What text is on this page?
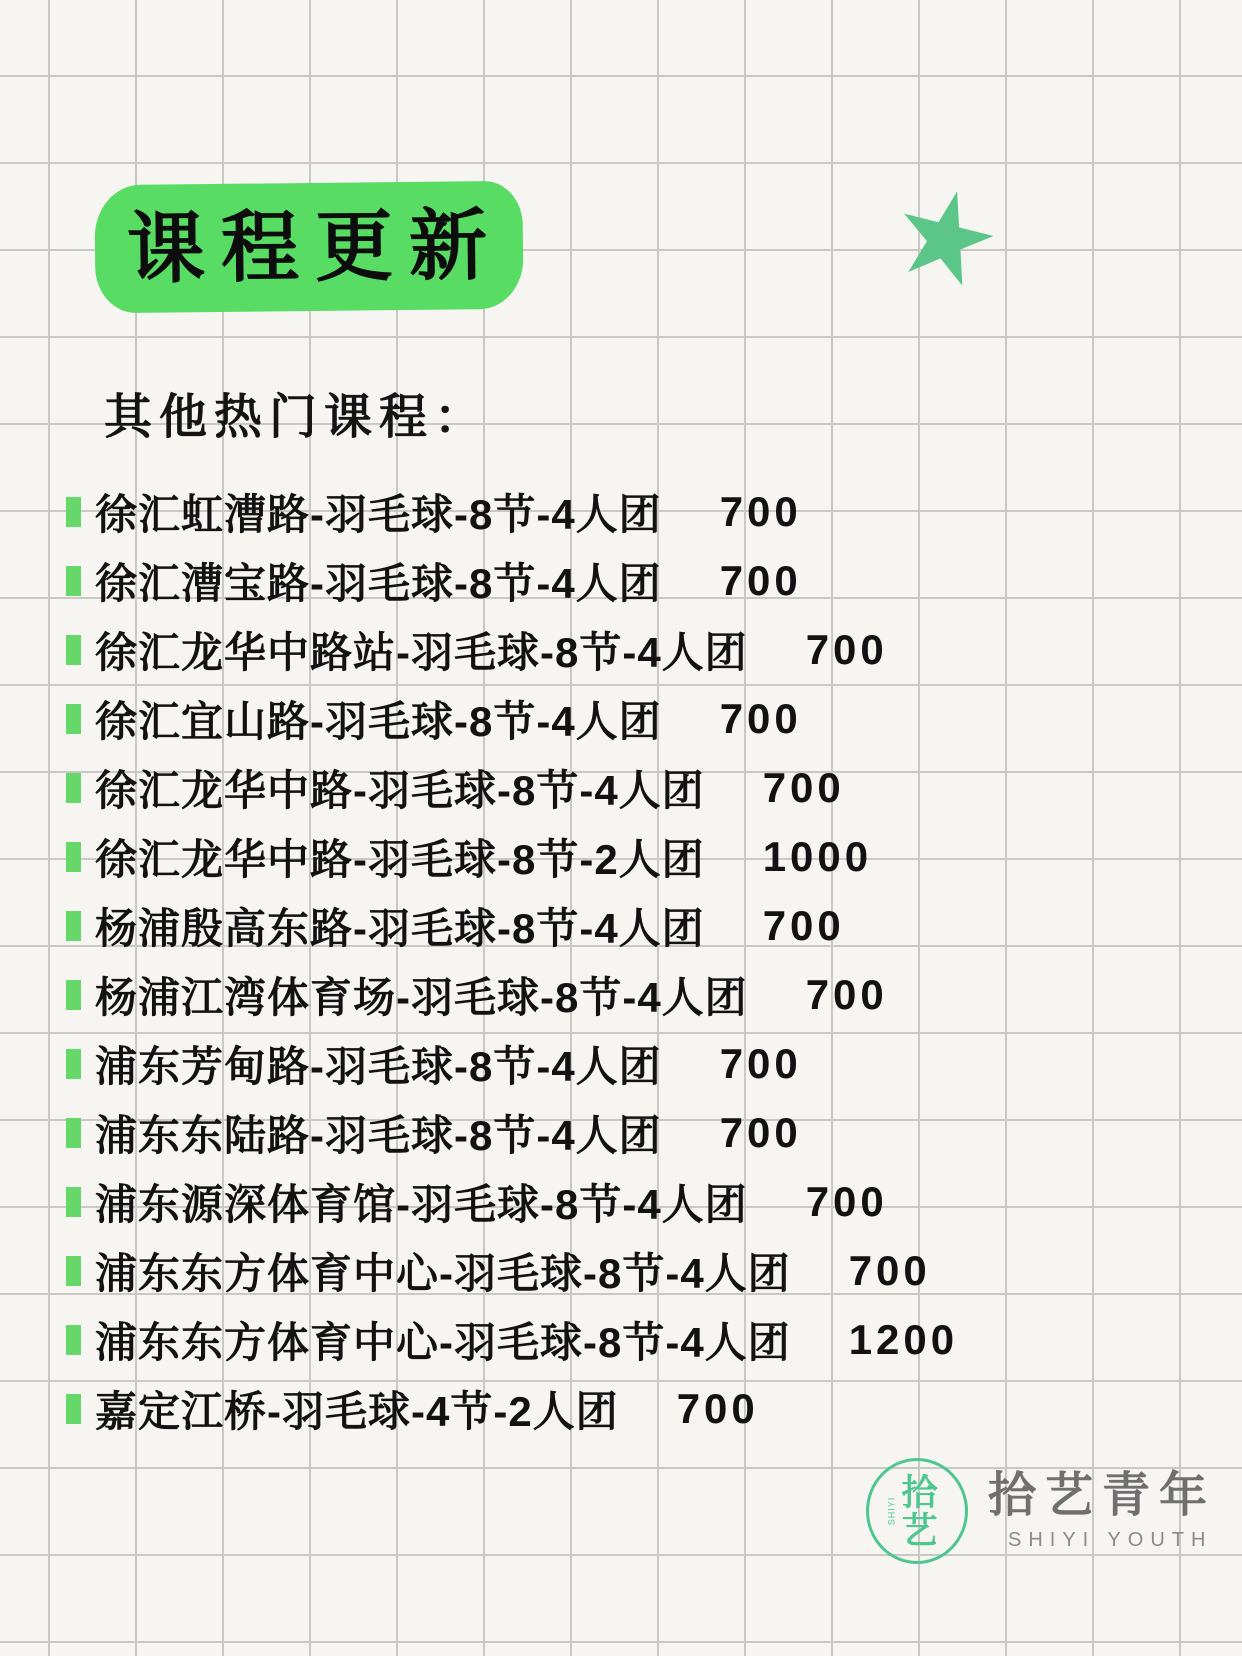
课程更新
其他热门课程：
徐汇虹漕路-羽毛球-8节-4人团 700
徐汇漕宝路-羽毛球-8节-4人团 700
徐汇龙华中路站-羽毛球-8节-4人团 700
徐汇宜山路-羽毛球-8节-4人团 700
徐汇龙华中路-羽毛球-8节-4人团 700
徐汇龙华中路-羽毛球-8节-2人团 1000
杨浦殷高东路-羽毛球-8节-4人团 700
杨浦江湾体育场-羽毛球-8节-4人团 700
浦东芳甸路-羽毛球-8节-4人团 700
浦东东陆路-羽毛球-8节-4人团 700
浦东源深体育馆-羽毛球-8节-4人团 700
浦东东方体育中心-羽毛球-8节-4人团 700
浦东东方体育中心-羽毛球-8节-4人团 1200
嘉定江桥-羽毛球-4节-2人团 700
SHIYI 拾艺 拾艺青年
SHIYI YOUTH
